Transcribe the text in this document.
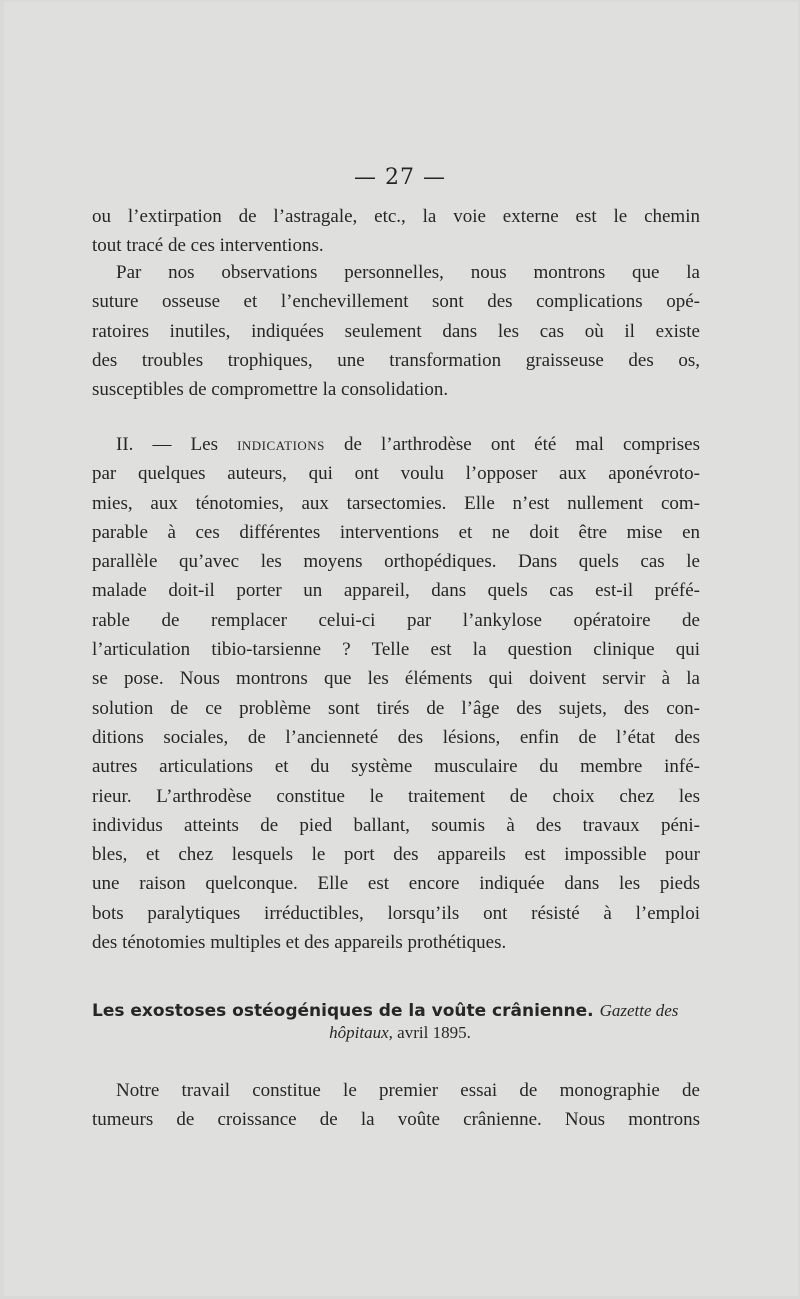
— 27 —
ou l’extirpation de l’astragale, etc., la voie externe est le chemin
tout tracé de ces interventions.
Par nos observations personnelles, nous montrons que la
suture osseuse et l’enchevillement sont des complications opé-
ratoires inutiles, indiquées seulement dans les cas où il existe
des troubles trophiques, une transformation graisseuse des os,
susceptibles de compromettre la consolidation.
II. — Les indications de l’arthrodèse ont été mal comprises
par quelques auteurs, qui ont voulu l’opposer aux aponévroto-
mies, aux ténotomies, aux tarsectomies. Elle n’est nullement com-
parable à ces différentes interventions et ne doit être mise en
parallèle qu’avec les moyens orthopédiques. Dans quels cas le
malade doit-il porter un appareil, dans quels cas est-il préfé-
rable de remplacer celui-ci par l’ankylose opératoire de
l’articulation tibio-tarsienne ? Telle est la question clinique qui
se pose. Nous montrons que les éléments qui doivent servir à la
solution de ce problème sont tirés de l’âge des sujets, des con-
ditions sociales, de l’ancienneté des lésions, enfin de l’état des
autres articulations et du système musculaire du membre infé-
rieur. L’arthrodèse constitue le traitement de choix chez les
individus atteints de pied ballant, soumis à des travaux péni-
bles, et chez lesquels le port des appareils est impossible pour
une raison quelconque. Elle est encore indiquée dans les pieds
bots paralytiques irréductibles, lorsqu’ils ont résisté à l’emploi
des ténotomies multiples et des appareils prothétiques.
Les exostoses ostéogéniques de la voûte crânienne. Gazette des
hôpitaux, avril 1895.
Notre travail constitue le premier essai de monographie de
tumeurs de croissance de la voûte crânienne. Nous montrons
